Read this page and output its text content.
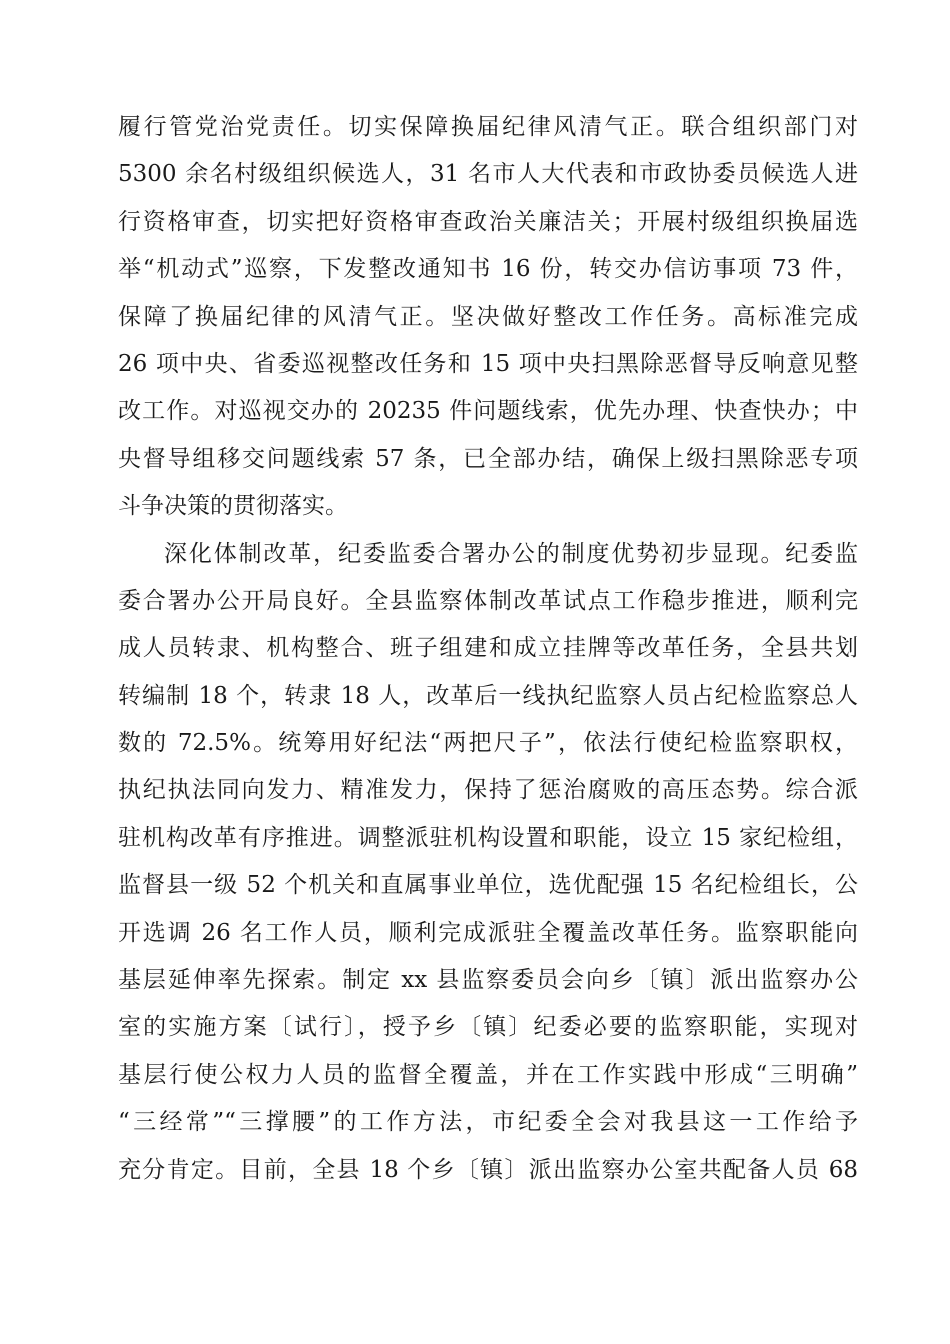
履行管党治党责任。切实保障换届纪律风清气正。联合组织部门对
5300 余名村级组织候选人，31 名市人大代表和市政协委员候选人进
行资格审查，切实把好资格审查政治关廉洁关；开展村级组织换届选
举“机动式”巡察，下发整改通知书 16 份，转交办信访事项 73 件，
保障了换届纪律的风清气正。坚决做好整改工作任务。高标准完成
26 项中央、省委巡视整改任务和 15 项中央扫黑除恶督导反响意见整
改工作。对巡视交办的 20235 件问题线索，优先办理、快查快办；中
央督导组移交问题线索 57 条，已全部办结，确保上级扫黑除恶专项
斗争决策的贯彻落实。
深化体制改革，纪委监委合署办公的制度优势初步显现。纪委监
委合署办公开局良好。全县监察体制改革试点工作稳步推进，顺利完
成人员转隶、机构整合、班子组建和成立挂牌等改革任务，全县共划
转编制 18 个，转隶 18 人，改革后一线执纪监察人员占纪检监察总人
数的 72.5%。统筹用好纪法“两把尺子”，依法行使纪检监察职权，
执纪执法同向发力、精准发力，保持了惩治腐败的高压态势。综合派
驻机构改革有序推进。调整派驻机构设置和职能，设立 15 家纪检组，
监督县一级 52 个机关和直属事业单位，选优配强 15 名纪检组长，公
开选调 26 名工作人员，顺利完成派驻全覆盖改革任务。监察职能向
基层延伸率先探索。制定 xx 县监察委员会向乡〔镇〕派出监察办公
室的实施方案〔试行〕，授予乡〔镇〕纪委必要的监察职能，实现对
基层行使公权力人员的监督全覆盖，并在工作实践中形成“三明确”
“三经常”“三撑腰”的工作方法，市纪委全会对我县这一工作给予
充分肯定。目前，全县 18 个乡〔镇〕派出监察办公室共配备人员 68
